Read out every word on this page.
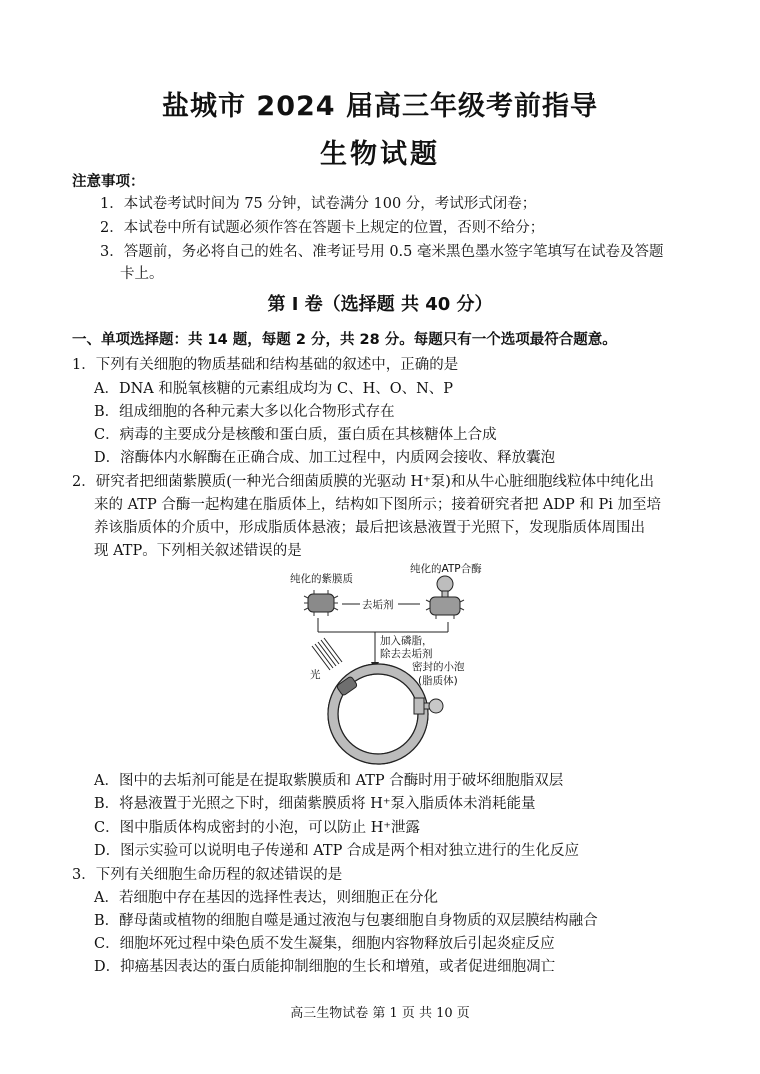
盐城市 2024 届高三年级考前指导
生物试题
注意事项：
1．本试卷考试时间为 75 分钟，试卷满分 100 分，考试形式闭卷；
2．本试卷中所有试题必须作答在答题卡上规定的位置，否则不给分；
3．答题前，务必将自己的姓名、准考证号用 0.5 毫米黑色墨水签字笔填写在试卷及答题
卡上。
第 I 卷（选择题 共 40 分）
一、单项选择题：共 14 题，每题 2 分，共 28 分。每题只有一个选项最符合题意。
1．下列有关细胞的物质基础和结构基础的叙述中，正确的是
A．DNA 和脱氧核糖的元素组成均为 C、H、O、N、P
B．组成细胞的各种元素大多以化合物形式存在
C．病毒的主要成分是核酸和蛋白质，蛋白质在其核糖体上合成
D．溶酶体内水解酶在正确合成、加工过程中，内质网会接收、释放囊泡
2．研究者把细菌紫膜质(一种光合细菌质膜的光驱动 H⁺泵)和从牛心脏细胞线粒体中纯化出
来的 ATP 合酶一起构建在脂质体上，结构如下图所示；接着研究者把 ADP 和 Pi 加至培
养该脂质体的介质中，形成脂质体悬液；最后把该悬液置于光照下，发现脂质体周围出
现 ATP。下列相关叙述错误的是
纯化的紫膜质
纯化的ATP合酶
去垢剂
加入磷脂，
除去去垢剂
密封的小泡
(脂质体)
光
A．图中的去垢剂可能是在提取紫膜质和 ATP 合酶时用于破坏细胞脂双层
B．将悬液置于光照之下时，细菌紫膜质将 H⁺泵入脂质体未消耗能量
C．图中脂质体构成密封的小泡，可以防止 H⁺泄露
D．图示实验可以说明电子传递和 ATP 合成是两个相对独立进行的生化反应
3．下列有关细胞生命历程的叙述错误的是
A．若细胞中存在基因的选择性表达，则细胞正在分化
B．酵母菌或植物的细胞自噬是通过液泡与包裹细胞自身物质的双层膜结构融合
C．细胞坏死过程中染色质不发生凝集，细胞内容物释放后引起炎症反应
D．抑癌基因表达的蛋白质能抑制细胞的生长和增殖，或者促进细胞凋亡
高三生物试卷 第 1 页 共 10 页
